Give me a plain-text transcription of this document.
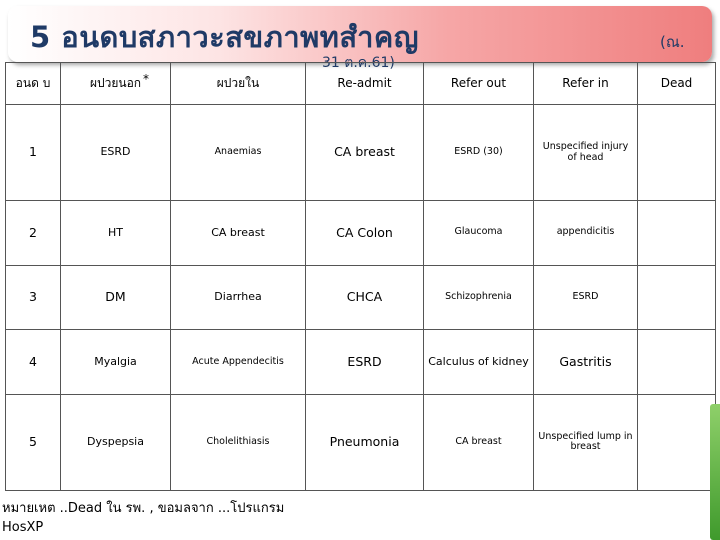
5 อนดบสภาวะสขภาพทสำคญ	(ณ.
31 ต.ค.61)
อนด บ	ผปวยนอก *	ผปวยใน	Re-admit	Refer out	Refer in	Dead
1	ESRD	Anaemias	CA breast	ESRD (30)	Unspecified injury of head	
2	HT	CA breast	CA Colon	Glaucoma	appendicitis	
3	DM	Diarrhea	CHCA	Schizophrenia	ESRD	
4	Myalgia	Acute Appendecitis	ESRD	Calculus of kidney	Gastritis	
5	Dyspepsia	Cholelithiasis	Pneumonia	CA breast	Unspecified lump in breast	
หมายเหต ..Dead ใน รพ. , ขอมลจาก ...โปรแกรม
HosXP
